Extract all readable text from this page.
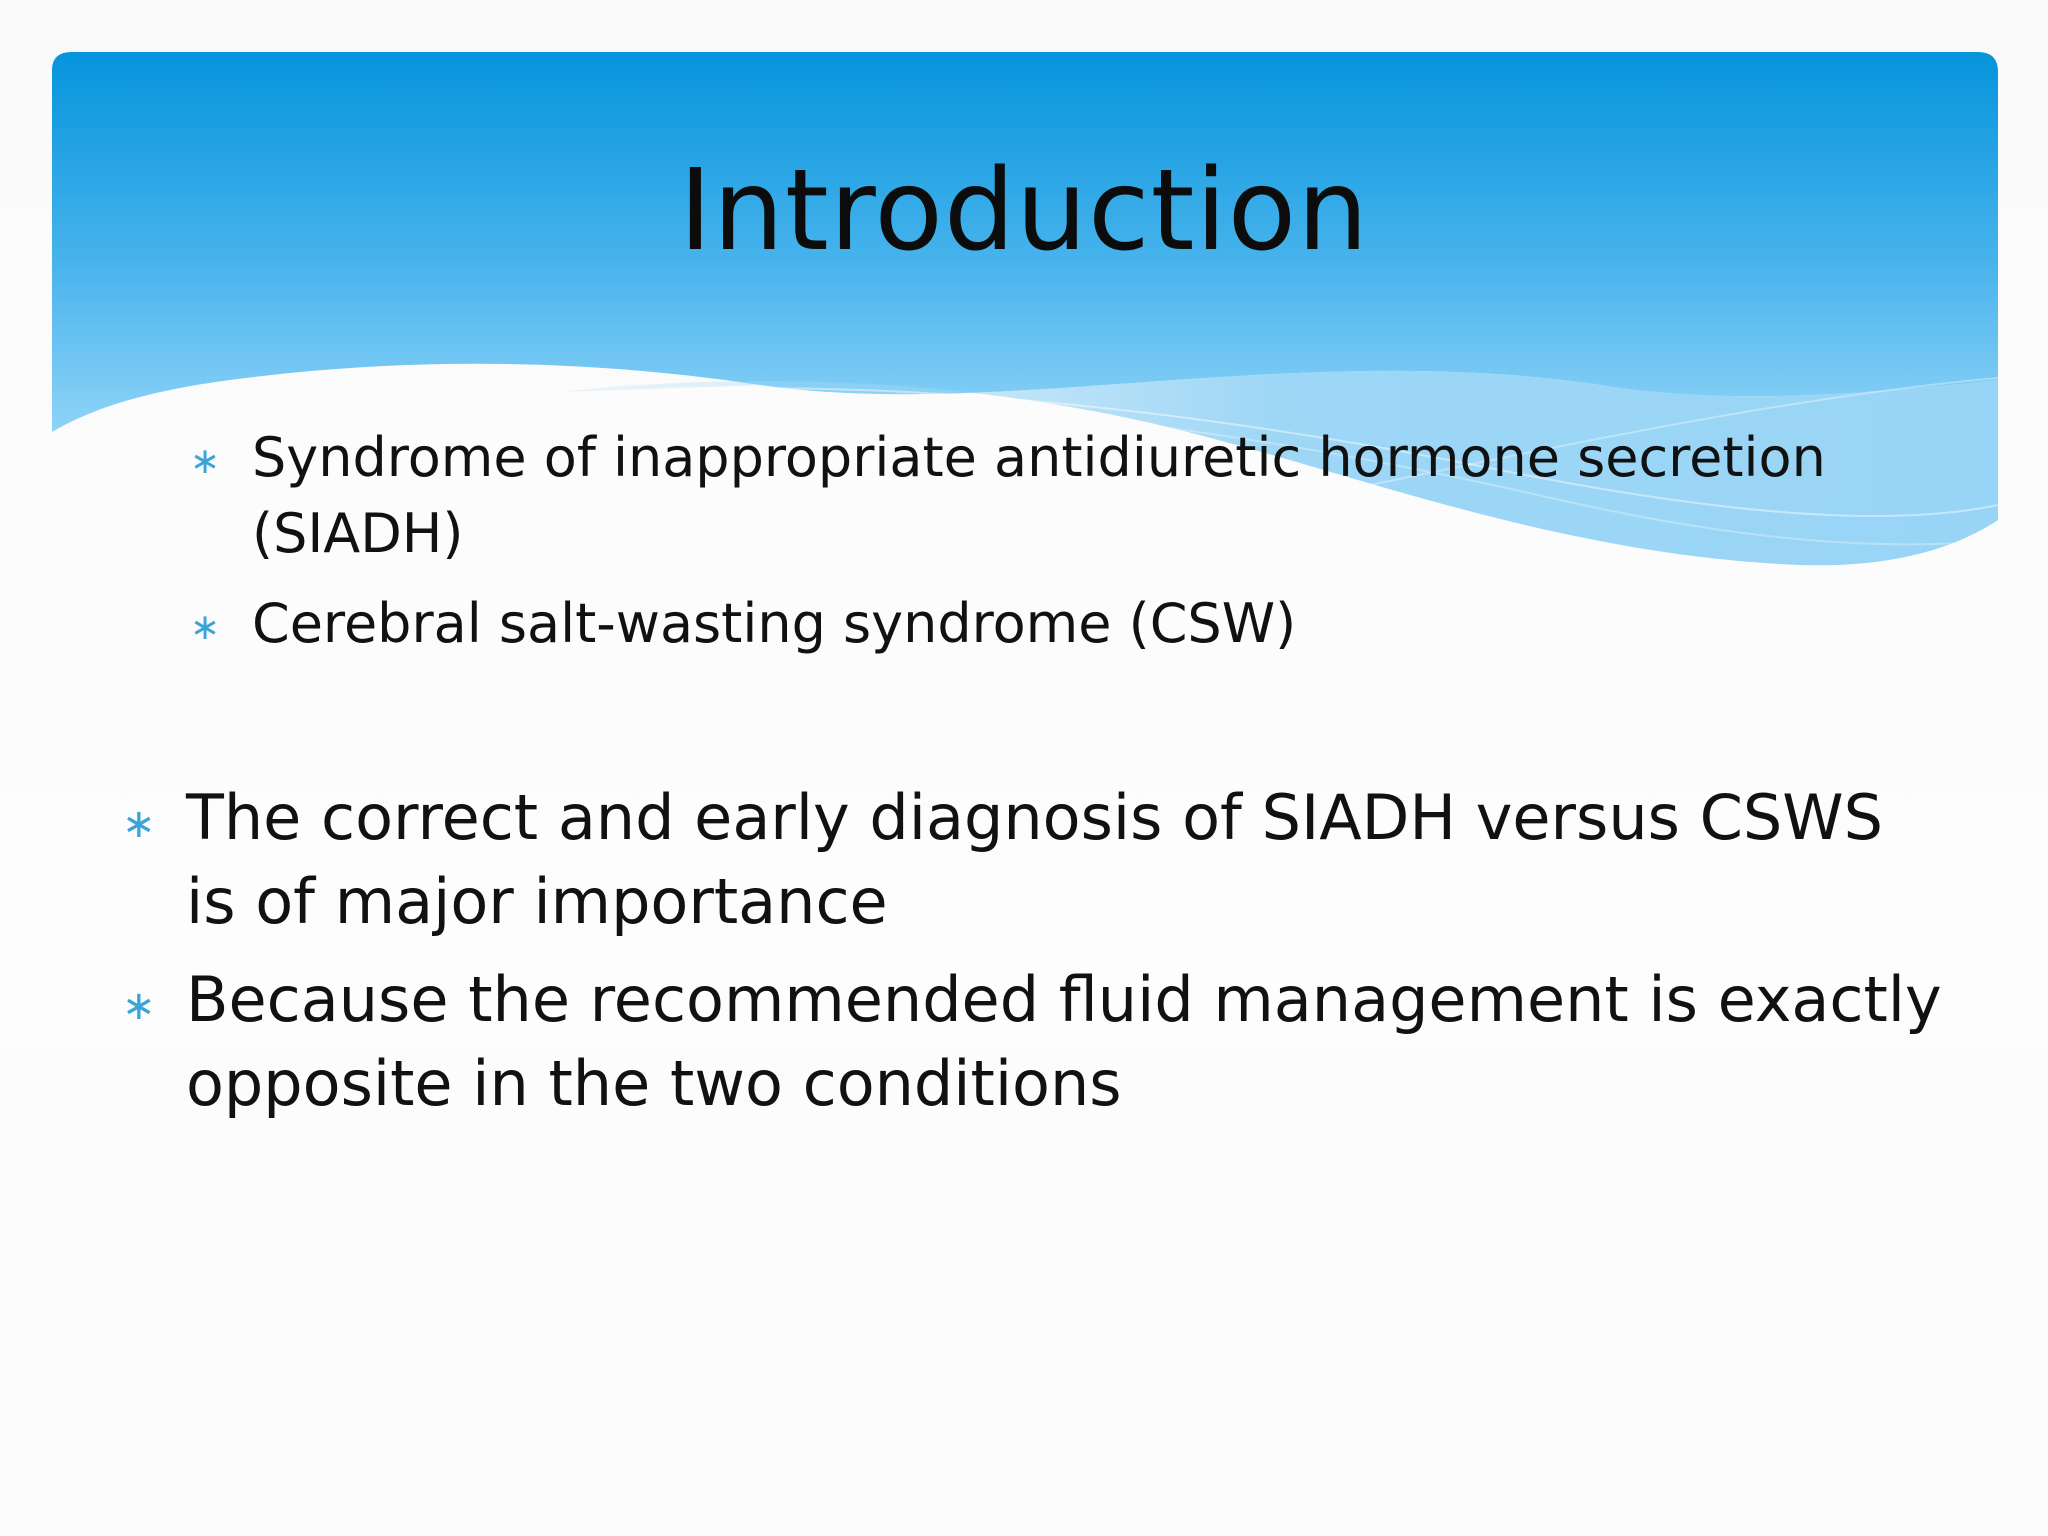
Introduction
∗ Syndrome of inappropriate antidiuretic hormone secretion (SIADH)
∗ Cerebral salt-wasting syndrome (CSW)
∗ The correct and early diagnosis of SIADH versus CSWS is of major importance
∗ Because the recommended fluid management is exactly opposite in the two conditions
